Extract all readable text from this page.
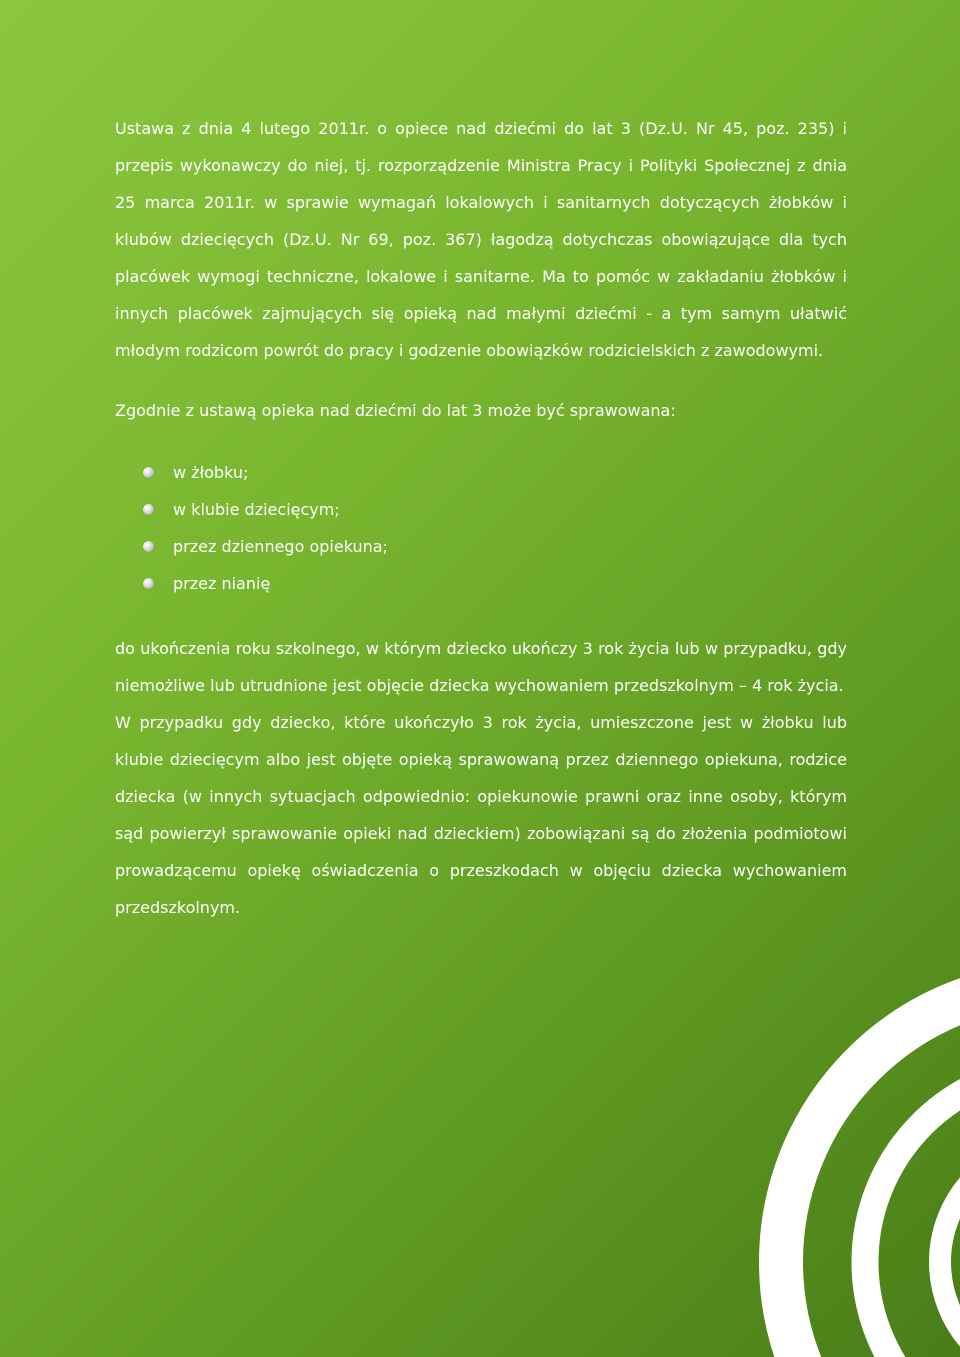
Ustawa z dnia 4 lutego 2011r. o opiece nad dziećmi do lat 3 (Dz.U. Nr 45, poz. 235) i przepis wykonawczy do niej, tj. rozporządzenie Ministra Pracy i Polityki Społecznej z dnia 25 marca 2011r. w sprawie wymagań lokalowych i sanitarnych dotyczących żłobków i klubów dziecięcych (Dz.U. Nr 69, poz. 367) łagodzą dotychczas obowiązujące dla tych placówek wymogi techniczne, lokalowe i sanitarne. Ma to pomóc w zakładaniu żłobków i innych placówek zajmujących się opieką nad małymi dziećmi - a tym samym ułatwić młodym rodzicom powrót do pracy i godzenie obowiązków rodzicielskich z zawodowymi.

Zgodnie z ustawą opieka nad dziećmi do lat 3 może być sprawowana:

w żłobku;
w klubie dziecięcym;
przez dziennego opiekuna;
przez nianię

do ukończenia roku szkolnego, w którym dziecko ukończy 3 rok życia lub w przypadku, gdy niemożliwe lub utrudnione jest objęcie dziecka wychowaniem przedszkolnym – 4 rok życia.

W przypadku gdy dziecko, które ukończyło 3 rok życia, umieszczone jest w żłobku lub klubie dziecięcym albo jest objęte opieką sprawowaną przez dziennego opiekuna, rodzice dziecka (w innych sytuacjach odpowiednio: opiekunowie prawni oraz inne osoby, którym sąd powierzył sprawowanie opieki nad dzieckiem) zobowiązani są do złożenia podmiotowi prowadzącemu opiekę oświadczenia o przeszkodach w objęciu dziecka wychowaniem przedszkolnym.
